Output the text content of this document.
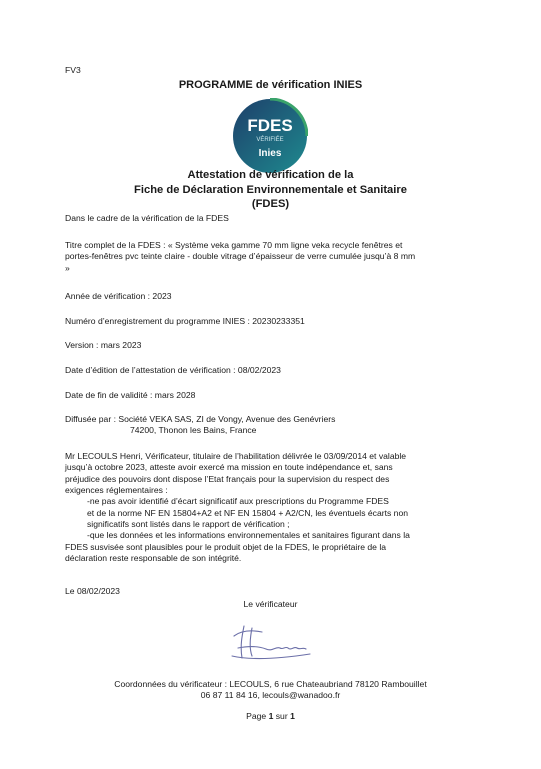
FV3
PROGRAMME de vérification INIES
FDES
VÉRIFIÉE
Inies
Attestation de vérification de la
Fiche de Déclaration Environnementale et Sanitaire
(FDES)
Dans le cadre de la vérification de la FDES
Titre complet de la FDES : « Système veka gamme 70 mm ligne veka recycle fenêtres et
portes-fenêtres pvc teinte claire - double vitrage d’épaisseur de verre cumulée jusqu’à 8 mm
»
Année de vérification : 2023
Numéro d’enregistrement du programme INIES : 20230233351
Version : mars 2023
Date d’édition de l’attestation de vérification : 08/02/2023
Date de fin de validité : mars 2028
Diffusée par : Société VEKA SAS, ZI de Vongy, Avenue des Genévriers
74200, Thonon les Bains, France
Mr LECOULS Henri, Vérificateur, titulaire de l’habilitation délivrée le 03/09/2014 et valable
jusqu’à octobre 2023, atteste avoir exercé ma mission en toute indépendance et, sans
préjudice des pouvoirs dont dispose l’Etat français pour la supervision du respect des
exigences réglementaires :
-ne pas avoir identifié d’écart significatif aux prescriptions du Programme FDES
et de la norme NF EN 15804+A2 et NF EN 15804 + A2/CN, les éventuels écarts non
significatifs sont listés dans le rapport de vérification ;
-que les données et les informations environnementales et sanitaires figurant dans la
FDES susvisée sont plausibles pour le produit objet de la FDES, le propriétaire de la
déclaration reste responsable de son intégrité.
Le 08/02/2023
Le vérificateur
Coordonnées du vérificateur : LECOULS, 6 rue Chateaubriand 78120 Rambouillet
06 87 11 84 16, lecouls@wanadoo.fr
Page 1 sur 1
